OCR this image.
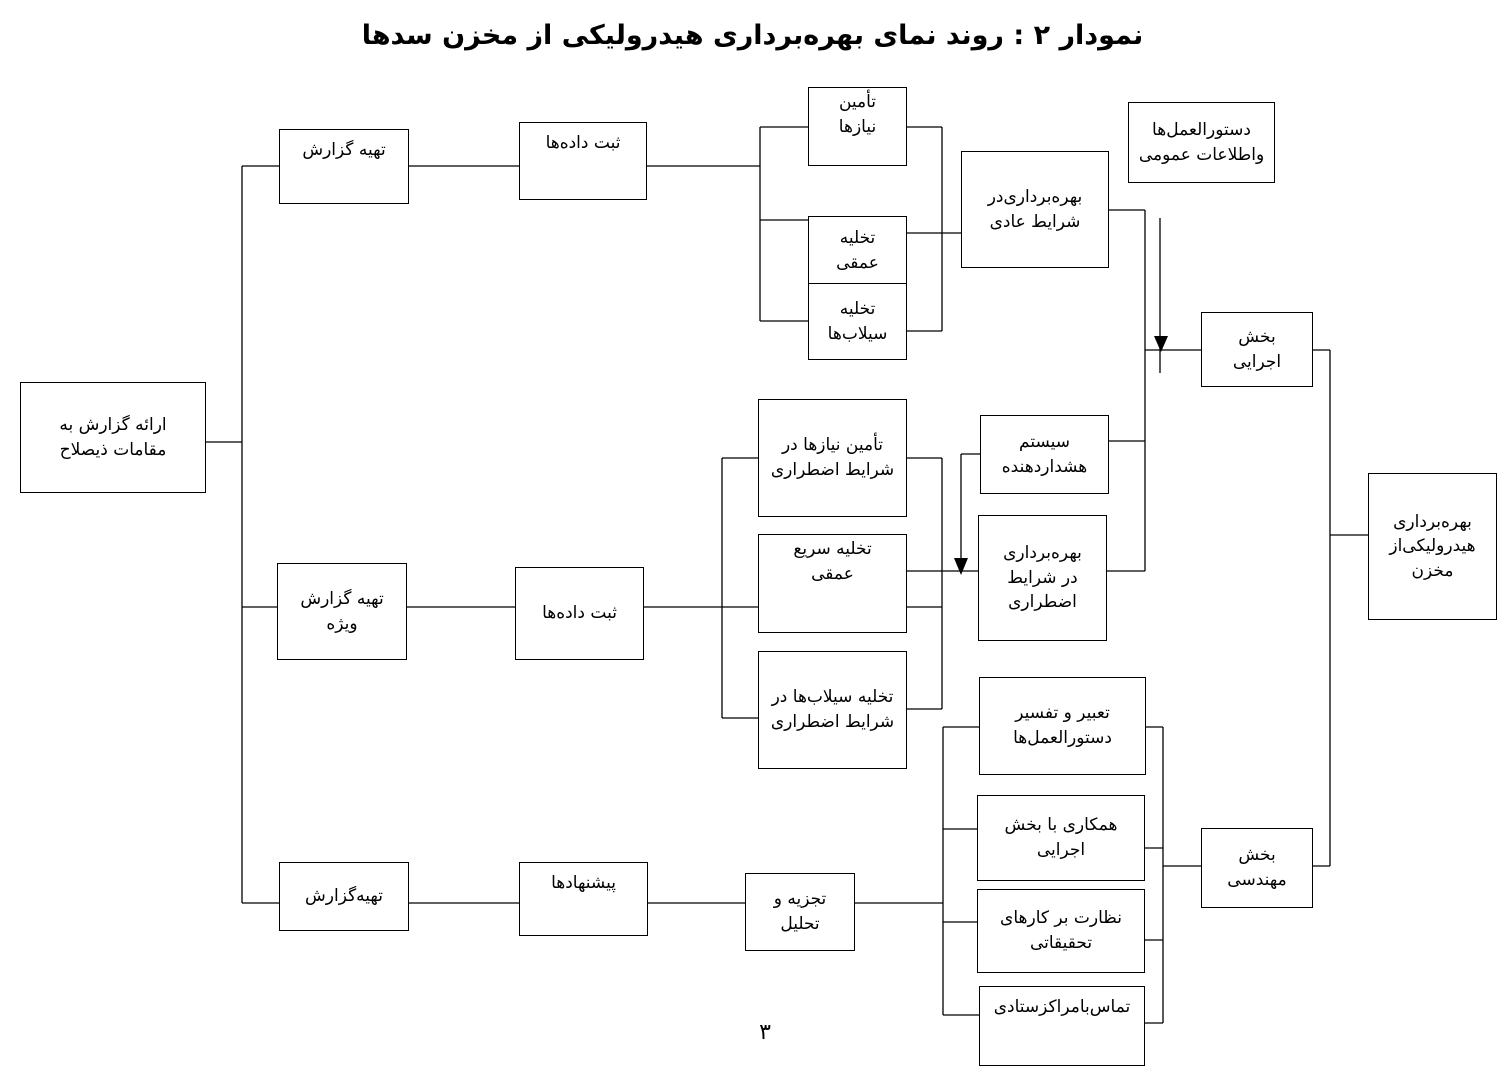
نمودار ۲ : روند نمای بهره‌برداری هیدرولیکی از مخزن سدها
ارائه گزارش به
مقامات ذیصلاح
تهیه گزارش
تهیه گزارش
ویژه
تهیه‌گزارش
ثبت داده‌ها
ثبت داده‌ها
پیشنهادها
تجزیه و
تحلیل
تأمین
نیازها
تخلیه
عمقی
تخلیه
سیلاب‌ها
بهره‌برداری‌در
شرایط عادی
دستورالعمل‌ها
واطلاعات عمومی
بخش
اجرایی
تأمین نیازها در
شرایط اضطراری
تخلیه سریع
عمقی
تخلیه سیلاب‌ها در
شرایط اضطراری
سیستم
هشداردهنده
بهره‌برداری
در شرایط
اضطراری
بهره‌برداری
هیدرولیکی‌از
مخزن
تعبیر و تفسیر
دستورالعمل‌ها
همکاری با بخش
اجرایی
نظارت بر کارهای
تحقیقاتی
تماس‌بامراکزستادی
بخش
مهندسی
۳
